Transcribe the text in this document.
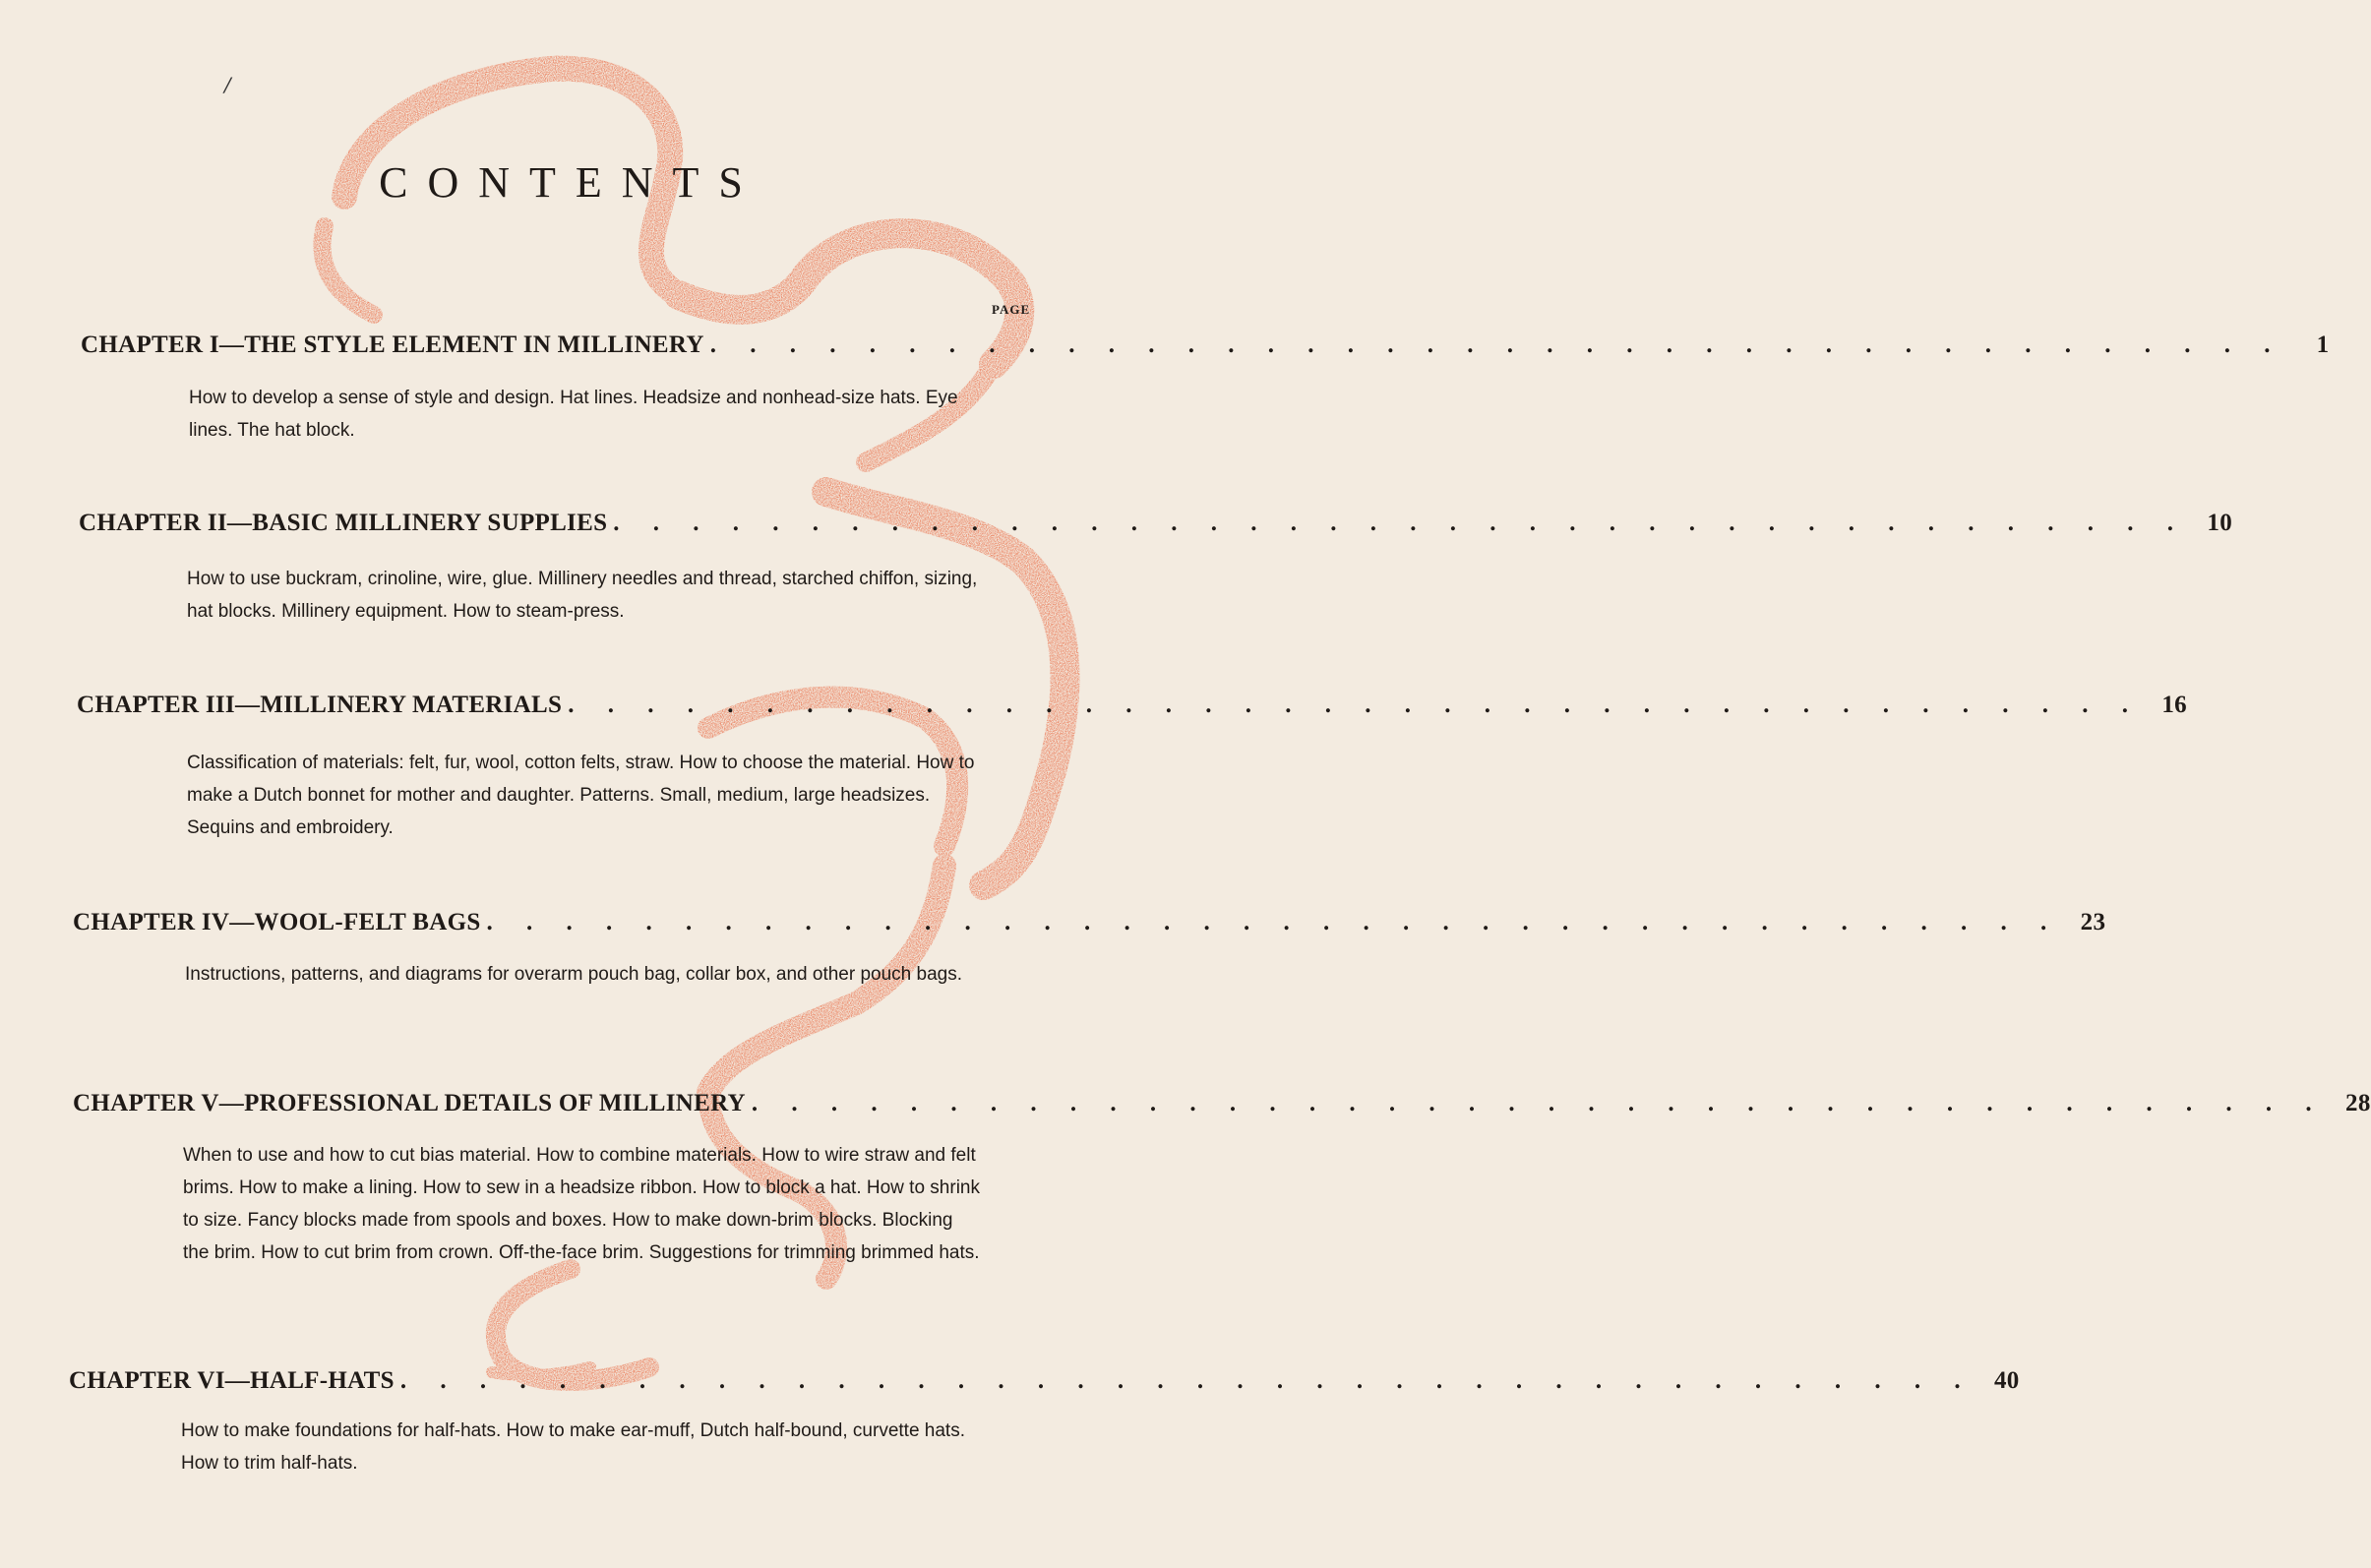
/
CONTENTS
PAGE
CHAPTER I—THE STYLE ELEMENT IN MILLINERY . . . . . . . . . . . . . . . . . . . . . . . . . . . . . . . . . . . . . . . .	1
How to develop a sense of style and design. Hat lines. Headsize and nonhead-size hats. Eye lines. The hat block.
CHAPTER II—BASIC MILLINERY SUPPLIES . . . . . . . . . . . . . . . . . . . . . . . . . . . . . . . . . . . . . . . . 10
How to use buckram, crinoline, wire, glue. Millinery needles and thread, starched chiffon, sizing, hat blocks. Millinery equipment. How to steam-press.
CHAPTER III—MILLINERY MATERIALS . . . . . . . . . . . . . . . . . . . . . . . . . . . . . . . . . . . . . . . . 16
Classification of materials: felt, fur, wool, cotton felts, straw. How to choose the material. How to make a Dutch bonnet for mother and daughter. Patterns. Small, medium, large headsizes. Sequins and embroidery.
CHAPTER IV—WOOL-FELT BAGS . . . . . . . . . . . . . . . . . . . . . . . . . . . . . . . . . . . . . . . . 23
Instructions, patterns, and diagrams for overarm pouch bag, collar box, and other pouch bags.
CHAPTER V—PROFESSIONAL DETAILS OF MILLINERY . . . . . . . . . . . . . . . . . . . . . . . . . . . . . . . . . . . . . . . . 28
When to use and how to cut bias material. How to combine materials. How to wire straw and felt brims. How to make a lining. How to sew in a headsize ribbon. How to block a hat. How to shrink to size. Fancy blocks made from spools and boxes. How to make down-brim blocks. Blocking the brim. How to cut brim from crown. Off-the-face brim. Suggestions for trimming brimmed hats.
CHAPTER VI—HALF-HATS . . . . . . . . . . . . . . . . . . . . . . . . . . . . . . . . . . . . . . . . 40
How to make foundations for half-hats. How to make ear-muff, Dutch half-bound, curvette hats. How to trim half-hats.
